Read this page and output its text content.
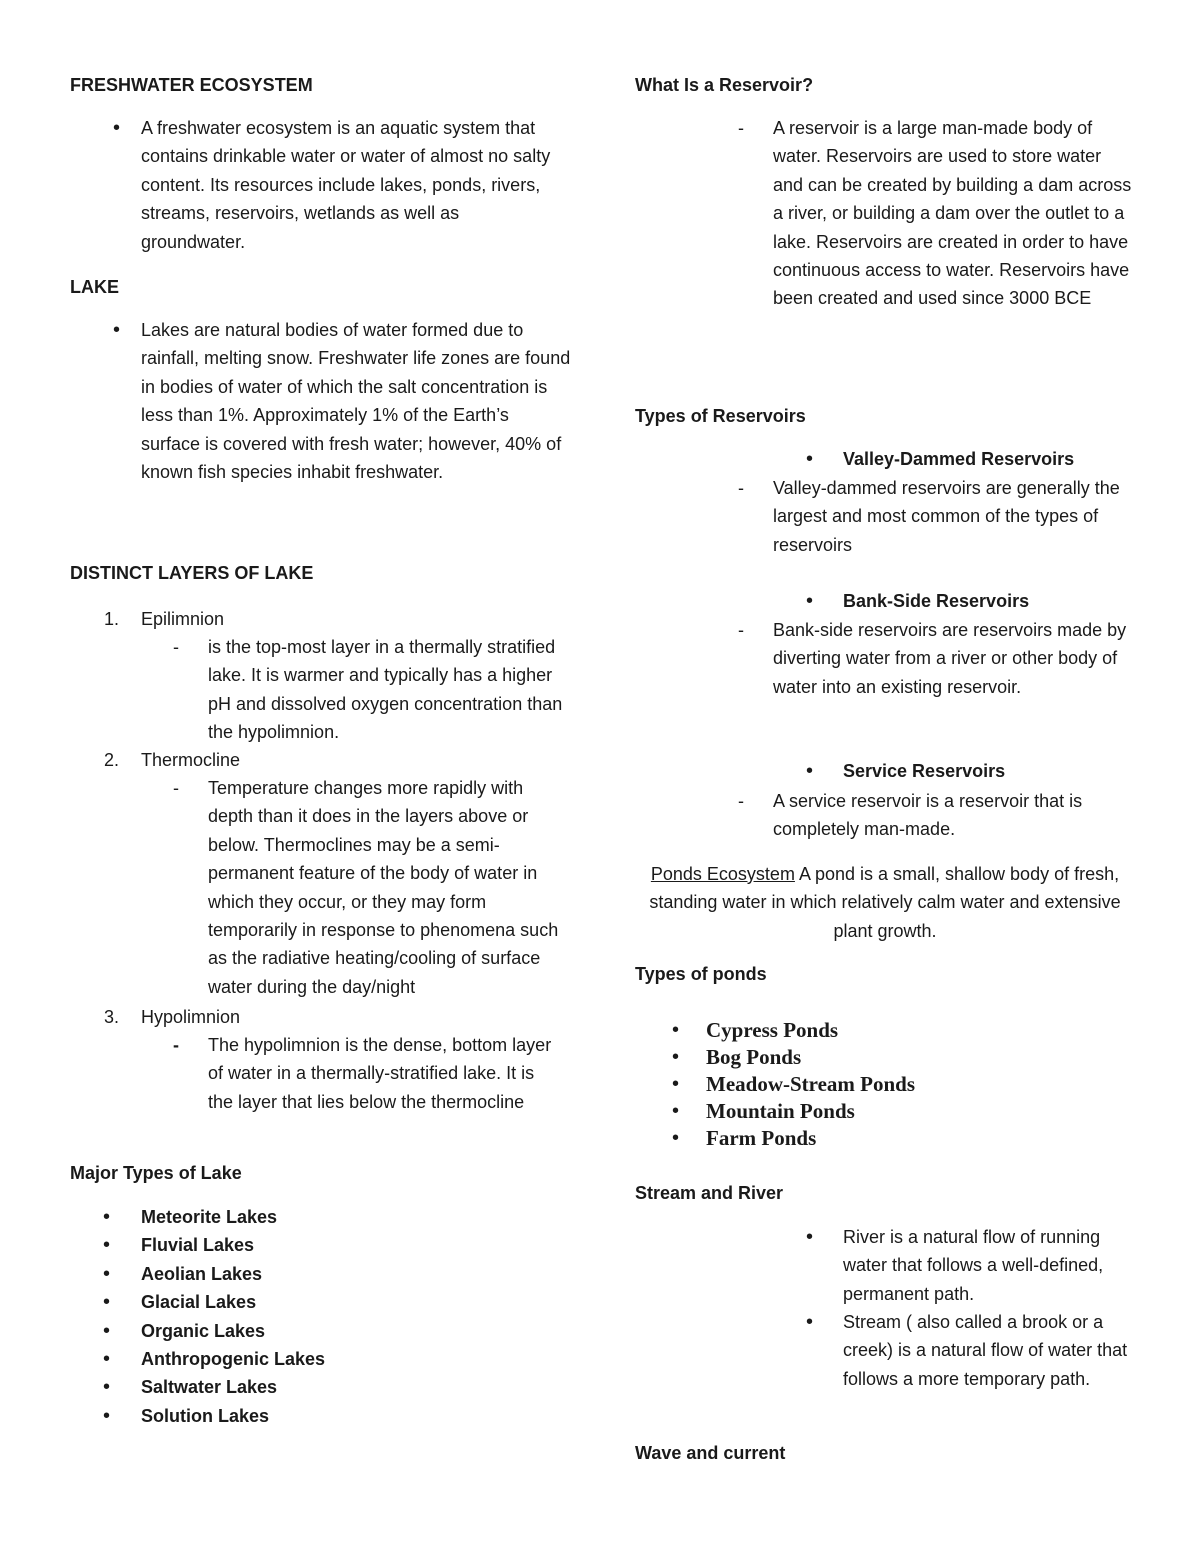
FRESHWATER ECOSYSTEM
• A freshwater ecosystem is an aquatic system that contains drinkable water or water of almost no salty content. Its resources include lakes, ponds, rivers, streams, reservoirs, wetlands as well as groundwater.
LAKE
• Lakes are natural bodies of water formed due to rainfall, melting snow. Freshwater life zones are found in bodies of water of which the salt concentration is less than 1%. Approximately 1% of the Earth’s surface is covered with fresh water; however, 40% of known fish species inhabit freshwater.
DISTINCT LAYERS OF LAKE
1. Epilimnion
- is the top-most layer in a thermally stratified lake. It is warmer and typically has a higher pH and dissolved oxygen concentration than the hypolimnion.
2. Thermocline
- Temperature changes more rapidly with depth than it does in the layers above or below. Thermoclines may be a semi-permanent feature of the body of water in which they occur, or they may form temporarily in response to phenomena such as the radiative heating/cooling of surface water during the day/night
3. Hypolimnion
- The hypolimnion is the dense, bottom layer of water in a thermally-stratified lake. It is the layer that lies below the thermocline
Major Types of Lake
• Meteorite Lakes
• Fluvial Lakes
• Aeolian Lakes
• Glacial Lakes
• Organic Lakes
• Anthropogenic Lakes
• Saltwater Lakes
• Solution Lakes
What Is a Reservoir?
- A reservoir is a large man-made body of water. Reservoirs are used to store water and can be created by building a dam across a river, or building a dam over the outlet to a lake. Reservoirs are created in order to have continuous access to water. Reservoirs have been created and used since 3000 BCE
Types of Reservoirs
• Valley-Dammed Reservoirs
- Valley-dammed reservoirs are generally the largest and most common of the types of reservoirs
• Bank-Side Reservoirs
- Bank-side reservoirs are reservoirs made by diverting water from a river or other body of water into an existing reservoir.
• Service Reservoirs
- A service reservoir is a reservoir that is completely man-made.
Ponds Ecosystem A pond is a small, shallow body of fresh, standing water in which relatively calm water and extensive plant growth.
Types of ponds
• Cypress Ponds
• Bog Ponds
• Meadow-Stream Ponds
• Mountain Ponds
• Farm Ponds
Stream and River
• River is a natural flow of running water that follows a well-defined, permanent path.
• Stream ( also called a brook or a creek) is a natural flow of water that follows a more temporary path.
Wave and current
